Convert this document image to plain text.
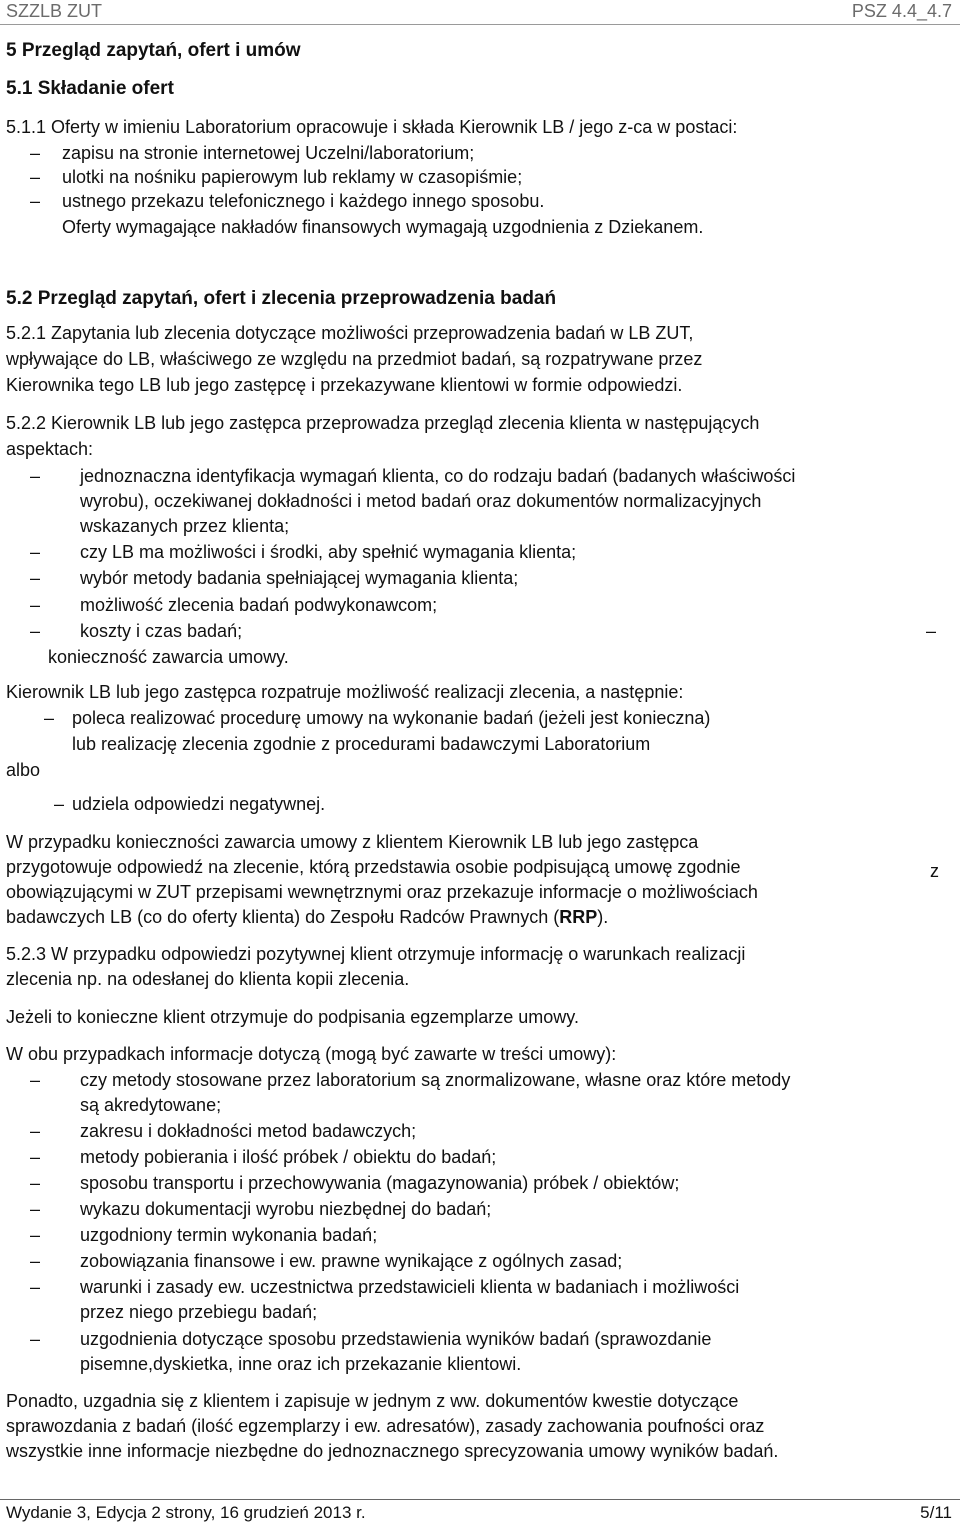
SZZLB ZUT	PSZ 4.4_4.7
5 Przegląd zapytań, ofert i umów
5.1 Składanie ofert
5.1.1 Oferty w imieniu Laboratorium opracowuje i składa Kierownik LB / jego z-ca w postaci:
– zapisu na stronie internetowej Uczelni/laboratorium;
– ulotki na nośniku papierowym lub reklamy w czasopiśmie;
– ustnego przekazu telefonicznego i każdego innego sposobu.
Oferty wymagające nakładów finansowych wymagają uzgodnienia z Dziekanem.
5.2 Przegląd zapytań, ofert i zlecenia przeprowadzenia badań
5.2.1 Zapytania lub zlecenia dotyczące możliwości przeprowadzenia badań w LB ZUT,
wpływające do LB, właściwego ze względu na przedmiot badań, są rozpatrywane przez
Kierownika tego LB lub jego zastępcę i przekazywane klientowi w formie odpowiedzi.
5.2.2 Kierownik LB lub jego zastępca przeprowadza przegląd zlecenia klienta w następujących
aspektach:
– jednoznaczna identyfikacja wymagań klienta, co do rodzaju badań (badanych właściwości
wyrobu), oczekiwanej dokładności i metod badań oraz dokumentów normalizacyjnych
wskazanych przez klienta;
– czy LB ma możliwości i środki, aby spełnić wymagania klienta;
– wybór metody badania spełniającej wymagania klienta;
– możliwość zlecenia badań podwykonawcom;
– koszty i czas badań;	–
konieczność zawarcia umowy.
Kierownik LB lub jego zastępca rozpatruje możliwość realizacji zlecenia, a następnie:
– poleca realizować procedurę umowy na wykonanie badań (jeżeli jest konieczna)
lub realizację zlecenia zgodnie z procedurami badawczymi Laboratorium
albo
– udziela odpowiedzi negatywnej.
W przypadku konieczności zawarcia umowy z klientem Kierownik LB lub jego zastępca
przygotowuje odpowiedź na zlecenie, którą przedstawia osobie podpisującą umowę zgodnie	z
obowiązującymi w ZUT przepisami wewnętrznymi oraz przekazuje informacje o możliwościach
badawczych LB (co do oferty klienta) do Zespołu Radców Prawnych (RRP).
5.2.3 W przypadku odpowiedzi pozytywnej klient otrzymuje informację o warunkach realizacji
zlecenia np. na odesłanej do klienta kopii zlecenia.
Jeżeli to konieczne klient otrzymuje do podpisania egzemplarze umowy.
W obu przypadkach informacje dotyczą (mogą być zawarte w treści umowy):
– czy metody stosowane przez laboratorium są znormalizowane, własne oraz które metody
są akredytowane;
– zakresu i dokładności metod badawczych;
– metody pobierania i ilość próbek / obiektu do badań;
– sposobu transportu i przechowywania (magazynowania) próbek / obiektów;
– wykazu dokumentacji wyrobu niezbędnej do badań;
– uzgodniony termin wykonania badań;
– zobowiązania finansowe i ew. prawne wynikające z ogólnych zasad;
– warunki i zasady ew. uczestnictwa przedstawicieli klienta w badaniach i możliwości
przez niego przebiegu badań;
– uzgodnienia dotyczące sposobu przedstawienia wyników badań (sprawozdanie
pisemne,dyskietka, inne oraz ich przekazanie klientowi.
Ponadto, uzgadnia się z klientem i zapisuje w jednym z ww. dokumentów kwestie dotyczące
sprawozdania z badań (ilość egzemplarzy i ew. adresatów), zasady zachowania poufności oraz
wszystkie inne informacje niezbędne do jednoznacznego sprecyzowania umowy wyników badań.
Wydanie 3, Edycja 2 strony, 16 grudzień 2013 r.	5/11
